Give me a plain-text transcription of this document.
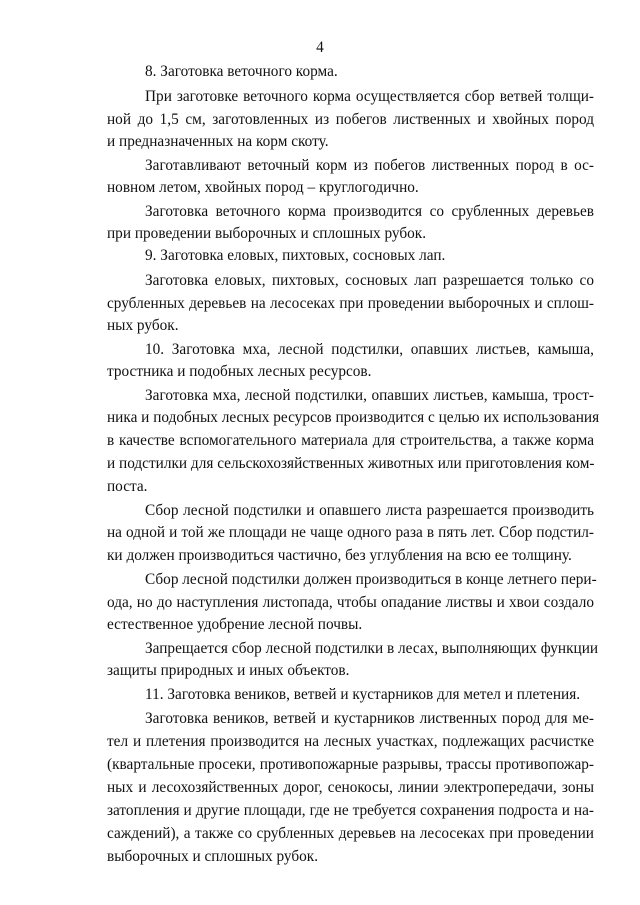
4
8. Заготовка веточного корма.
При заготовке веточного корма осуществляется сбор ветвей толщи-
ной до 1,5 см, заготовленных из побегов лиственных и хвойных пород
и предназначенных на корм скоту.
Заготавливают веточный корм из побегов лиственных пород в ос-
новном летом, хвойных пород – круглогодично.
Заготовка веточного корма производится со срубленных деревьев
при проведении выборочных и сплошных рубок.
9. Заготовка еловых, пихтовых, сосновых лап.
Заготовка еловых, пихтовых, сосновых лап разрешается только со
срубленных деревьев на лесосеках при проведении выборочных и сплош-
ных рубок.
10. Заготовка мха, лесной подстилки, опавших листьев, камыша,
тростника и подобных лесных ресурсов.
Заготовка мха, лесной подстилки, опавших листьев, камыша, трост-
ника и подобных лесных ресурсов производится с целью их использования
в качестве вспомогательного материала для строительства, а также корма
и подстилки для сельскохозяйственных животных или приготовления ком-
поста.
Сбор лесной подстилки и опавшего листа разрешается производить
на одной и той же площади не чаще одного раза в пять лет. Сбор подстил-
ки должен производиться частично, без углубления на всю ее толщину.
Сбор лесной подстилки должен производиться в конце летнего пери-
ода, но до наступления листопада, чтобы опадание листвы и хвои создало
естественное удобрение лесной почвы.
Запрещается сбор лесной подстилки в лесах, выполняющих функции
защиты природных и иных объектов.
11. Заготовка веников, ветвей и кустарников для метел и плетения.
Заготовка веников, ветвей и кустарников лиственных пород для ме-
тел и плетения производится на лесных участках, подлежащих расчистке
(квартальные просеки, противопожарные разрывы, трассы противопожар-
ных и лесохозяйственных дорог, сенокосы, линии электропередачи, зоны
затопления и другие площади, где не требуется сохранения подроста и на-
саждений), а также со срубленных деревьев на лесосеках при проведении
выборочных и сплошных рубок.
